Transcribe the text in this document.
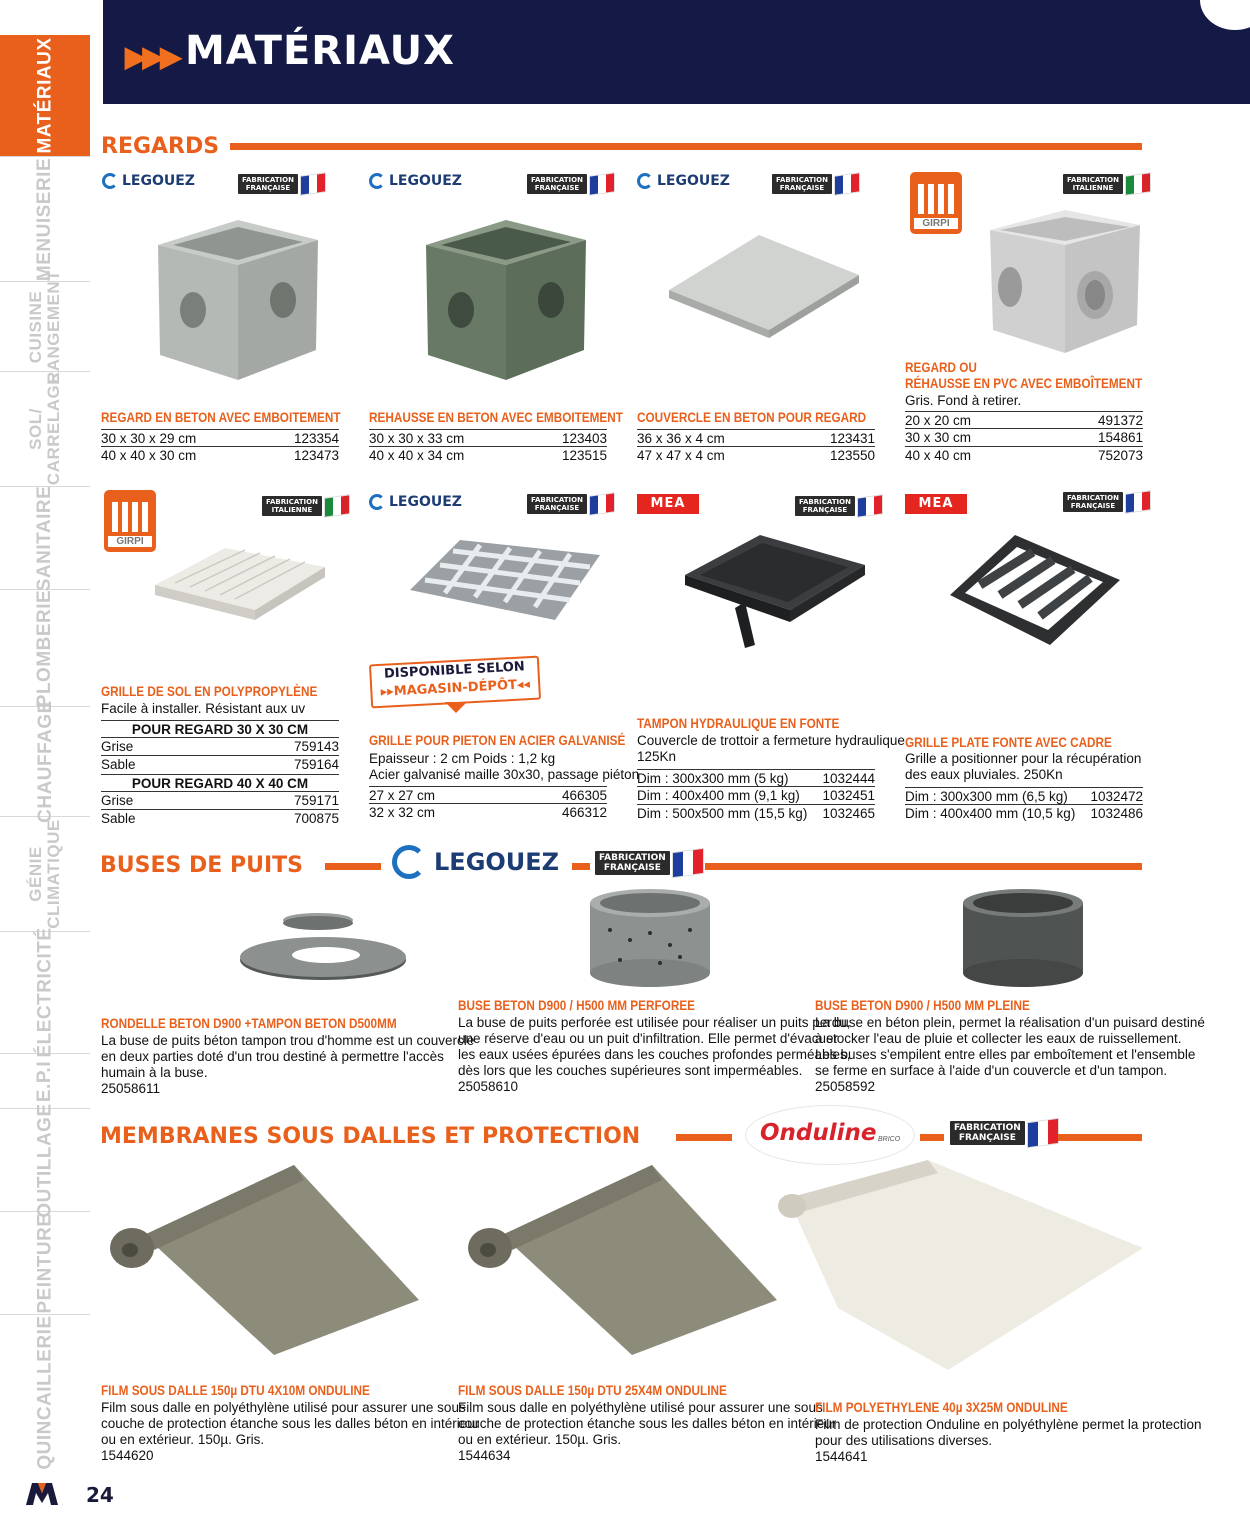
MATÉRIAUX
MENUISERIE
CUISINE
RANGEMENT
SOL/
CARRELAGE
SANITAIRE
PLOMBERIE
CHAUFFAGE
GÉNIE
CLIMATIQUE
ÉLECTRICITÉ
E.P.I
OUTILLAGE
PEINTURE
QUINCAILLERIE
▶▶▶ MATÉRIAUX
REGARDS
LEGOUEZ	FABRICATION
FRANÇAISE	LEGOUEZ	FABRICATION
FRANÇAISE	LEGOUEZ	FABRICATION
FRANÇAISE
GIRPI
FABRICATION
ITALIENNE
REGARD EN BETON AVEC EMBOITEMENT
30 x 30 x 29 cm	123354
40 x 40 x 30 cm	123473
REHAUSSE EN BETON AVEC EMBOITEMENT
30 x 30 x 33 cm	123403
40 x 40 x 34 cm	123515
COUVERCLE EN BETON POUR REGARD
36 x 36 x 4 cm	123431
47 x 47 x 4 cm	123550
REGARD OU
RÉHAUSSE EN PVC AVEC EMBOÎTEMENT
Gris. Fond à retirer.
20 x 20 cm	491372
30 x 30 cm	154861
40 x 40 cm	752073
GIRPI
FABRICATION
ITALIENNE	LEGOUEZ	FABRICATION
FRANÇAISE	MEA	FABRICATION
FRANÇAISE	MEA	FABRICATION
FRANÇAISE
GRILLE DE SOL EN POLYPROPYLÈNE
Facile à installer. Résistant aux uv
POUR REGARD 30 X 30 CM
Grise	759143
Sable	759164
POUR REGARD 40 X 40 CM
Grise	759171
Sable	700875
DISPONIBLE SELON
▸▸MAGASIN-DÉPÔT◂◂
GRILLE POUR PIETON EN ACIER GALVANISÉ
Epaisseur : 2 cm Poids : 1,2 kg
Acier galvanisé maille 30x30, passage piéton
27 x 27 cm	466305
32 x 32 cm	466312
TAMPON HYDRAULIQUE EN FONTE
Couvercle de trottoir a fermeture hydraulique.
125Kn
Dim : 300x300 mm (5 kg)	1032444
Dim : 400x400 mm (9,1 kg) 1032451
Dim : 500x500 mm (15,5 kg) 1032465
GRILLE PLATE FONTE AVEC CADRE
Grille a positionner pour la récupération
des eaux pluviales. 250Kn
Dim : 300x300 mm (6,5 kg) 1032472
Dim : 400x400 mm (10,5 kg) 1032486
BUSES DE PUITS	LEGOUEZ	FABRICATION
FRANÇAISE
RONDELLE BETON D900 +TAMPON BETON D500MM
La buse de puits béton tampon trou d'homme est un couvercle
en deux parties doté d'un trou destiné à permettre l'accès
humain à la buse.
25058611
BUSE BETON D900 / H500 MM PERFOREE
La buse de puits perforée est utilisée pour réaliser un puits perdu,
une réserve d'eau ou un puit d'infiltration. Elle permet d'évacuer
les eaux usées épurées dans les couches profondes perméables,
dès lors que les couches supérieures sont imperméables.
25058610
BUSE BETON D900 / H500 MM PLEINE
La buse en béton plein, permet la réalisation d'un puisard destiné
à stocker l'eau de pluie et collecter les eaux de ruissellement.
Les buses s'empilent entre elles par emboîtement et l'ensemble
se ferme en surface à l'aide d'un couvercle et d'un tampon.
25058592
MEMBRANES SOUS DALLES ET PROTECTION	Onduline BRICO
FABRICATION
FRANÇAISE
FILM SOUS DALLE 150µ DTU 4X10M ONDULINE
Film sous dalle en polyéthylène utilisé pour assurer une sous
couche de protection étanche sous les dalles béton en intérieur
ou en extérieur. 150µ. Gris.
1544620
FILM SOUS DALLE 150µ DTU 25X4M ONDULINE
Film sous dalle en polyéthylène utilisé pour assurer une sous
couche de protection étanche sous les dalles béton en intérieur
ou en extérieur. 150µ. Gris.
1544634
FILM POLYETHYLENE 40µ 3X25M ONDULINE
Film de protection Onduline en polyéthylène permet la protection
pour des utilisations diverses.
1544641
24
